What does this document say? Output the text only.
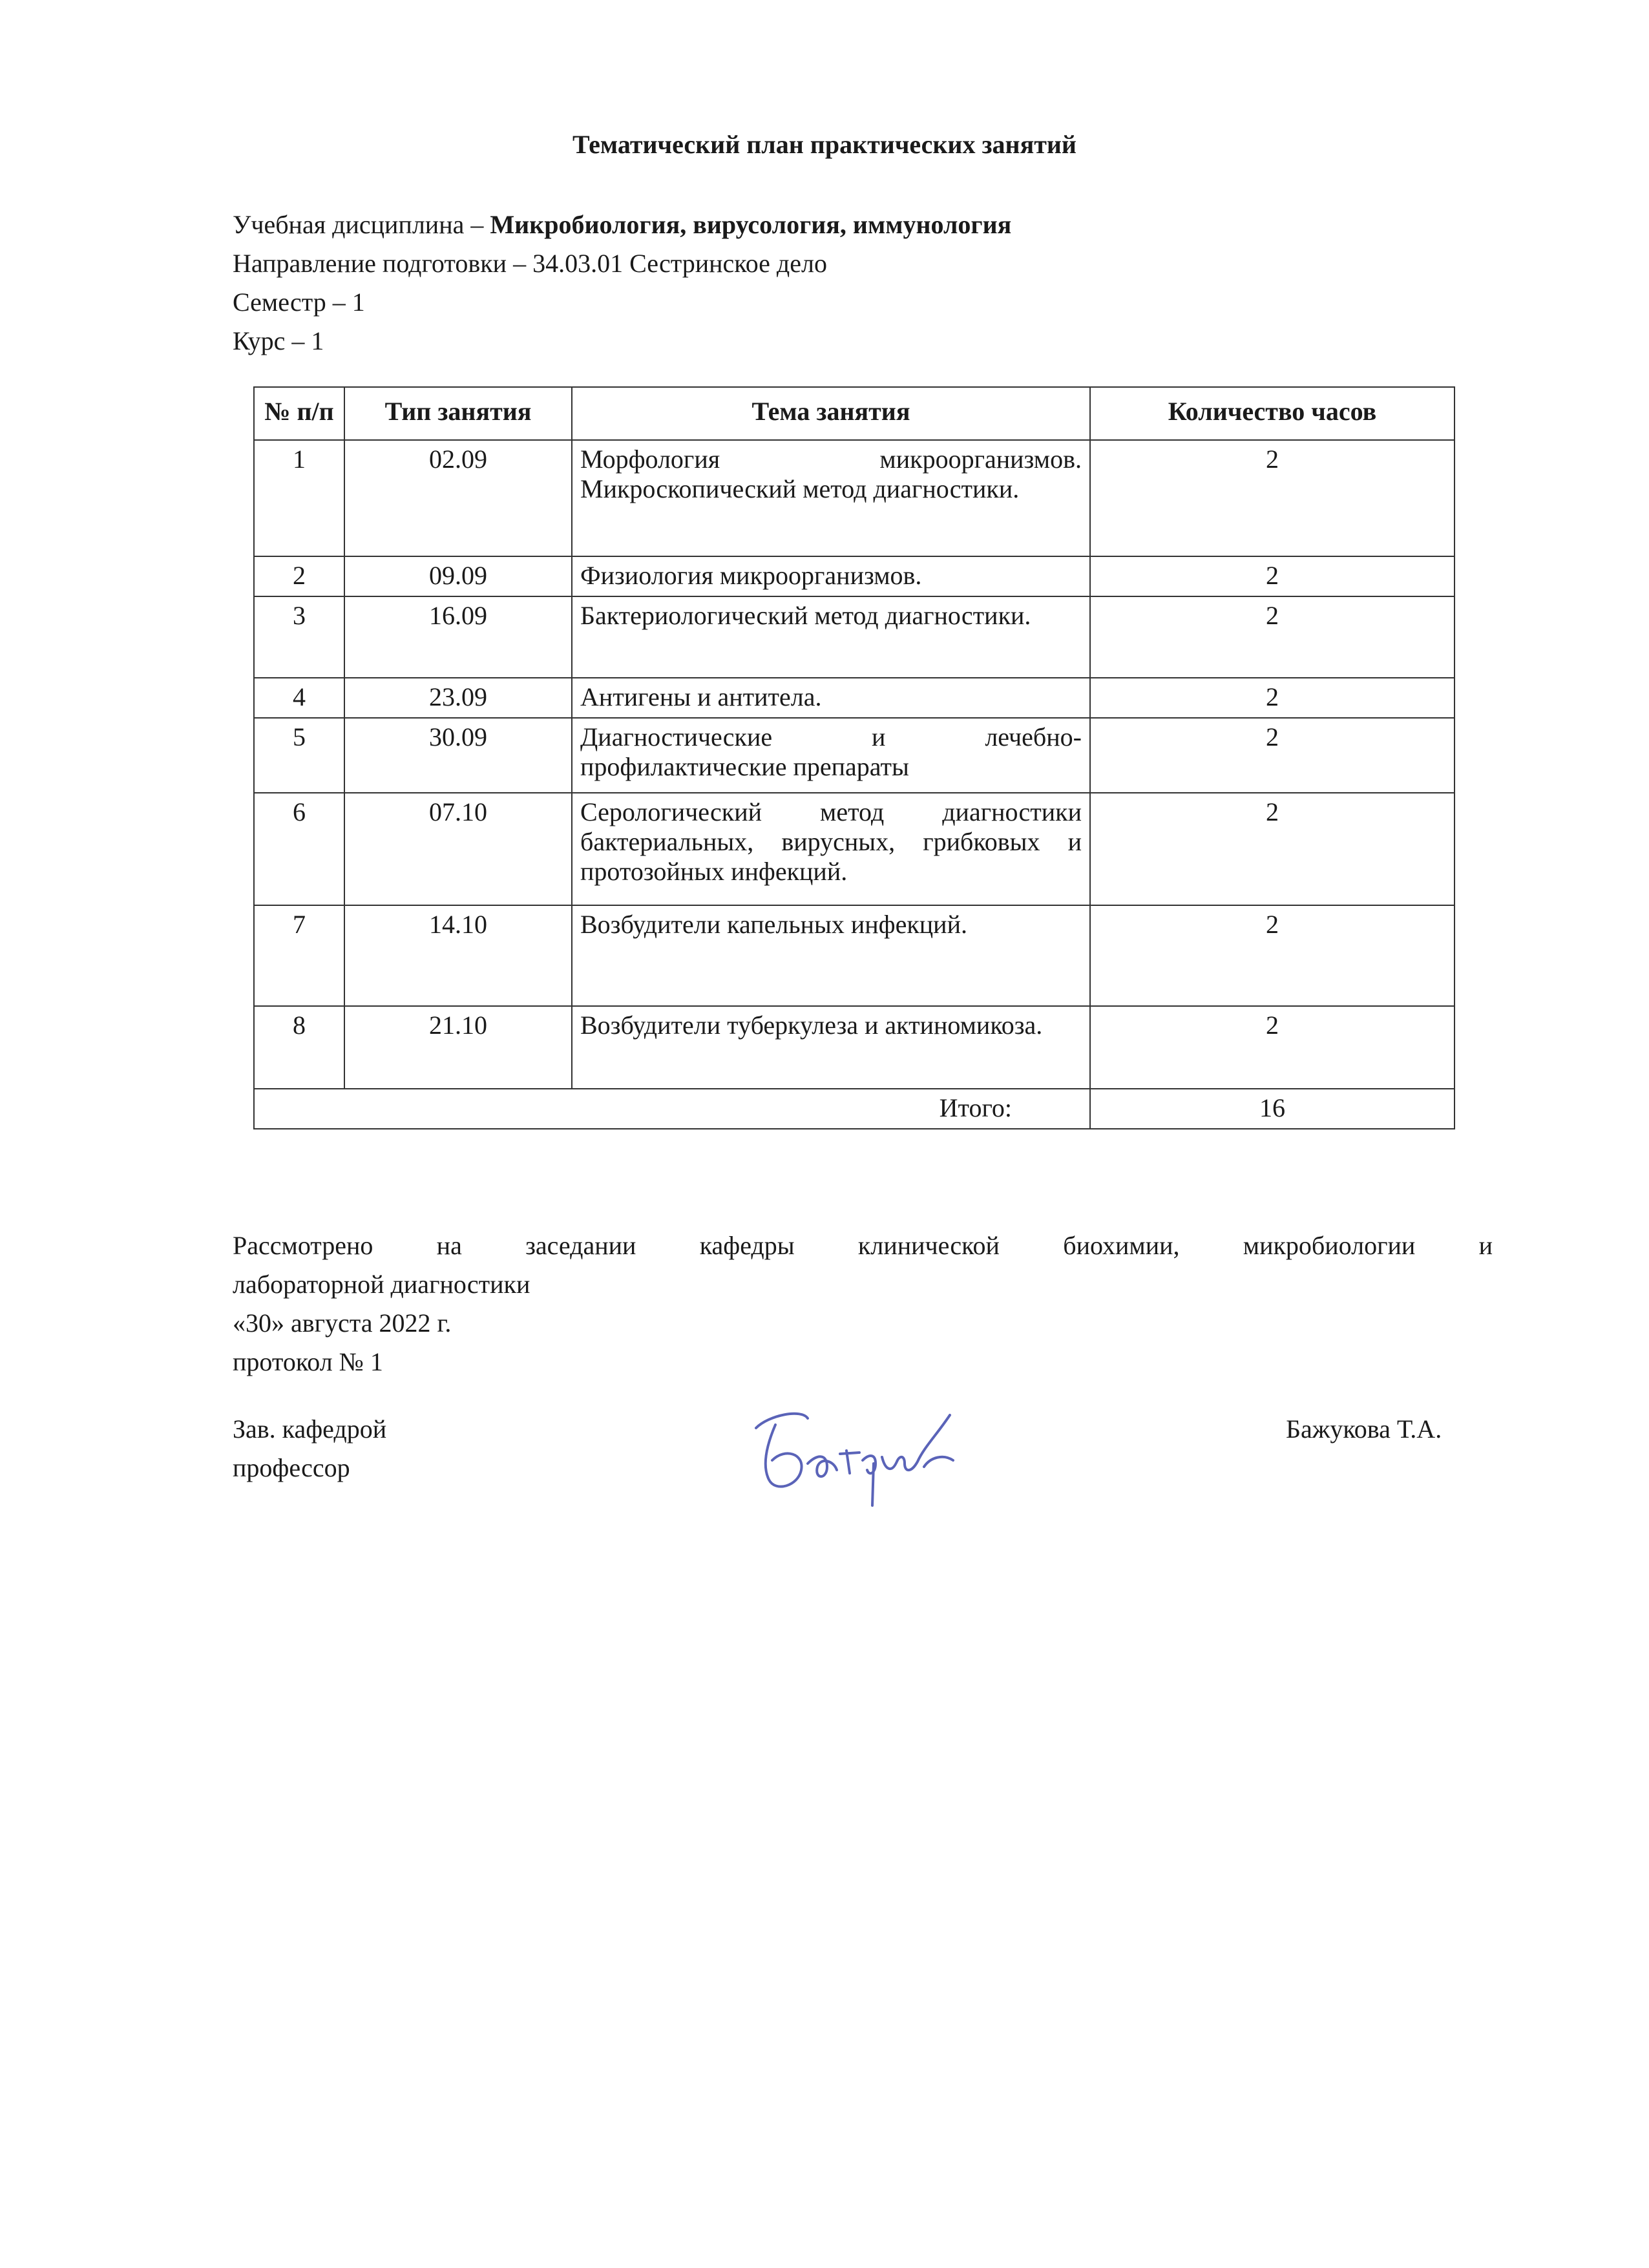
Тематический план практических занятий
Учебная дисциплина – Микробиология, вирусология, иммунология
Направление подготовки – 34.03.01 Сестринское дело
Семестр – 1
Курс – 1
№ п/п	Тип занятия	Тема занятия	Количество часов
1	02.09	Морфология микроорганизмов. Микроскопический метод диагностики.	2
2	09.09	Физиология микроорганизмов.	2
3	16.09	Бактериологический метод диагностики.	2
4	23.09	Антигены и антитела.	2
5	30.09	Диагностические и лечебно-профилактические препараты	2
6	07.10	Серологический метод диагностики бактериальных, вирусных, грибковых и протозойных инфекций.	2
7	14.10	Возбудители капельных инфекций.	2
8	21.10	Возбудители туберкулеза и актиномикоза.	2
Итого:			16
Рассмотрено на заседании кафедры клинической биохимии, микробиологии и
лабораторной диагностики
«30» августа 2022 г.
протокол № 1
Зав. кафедрой
профессор
Бажукова Т.А.
